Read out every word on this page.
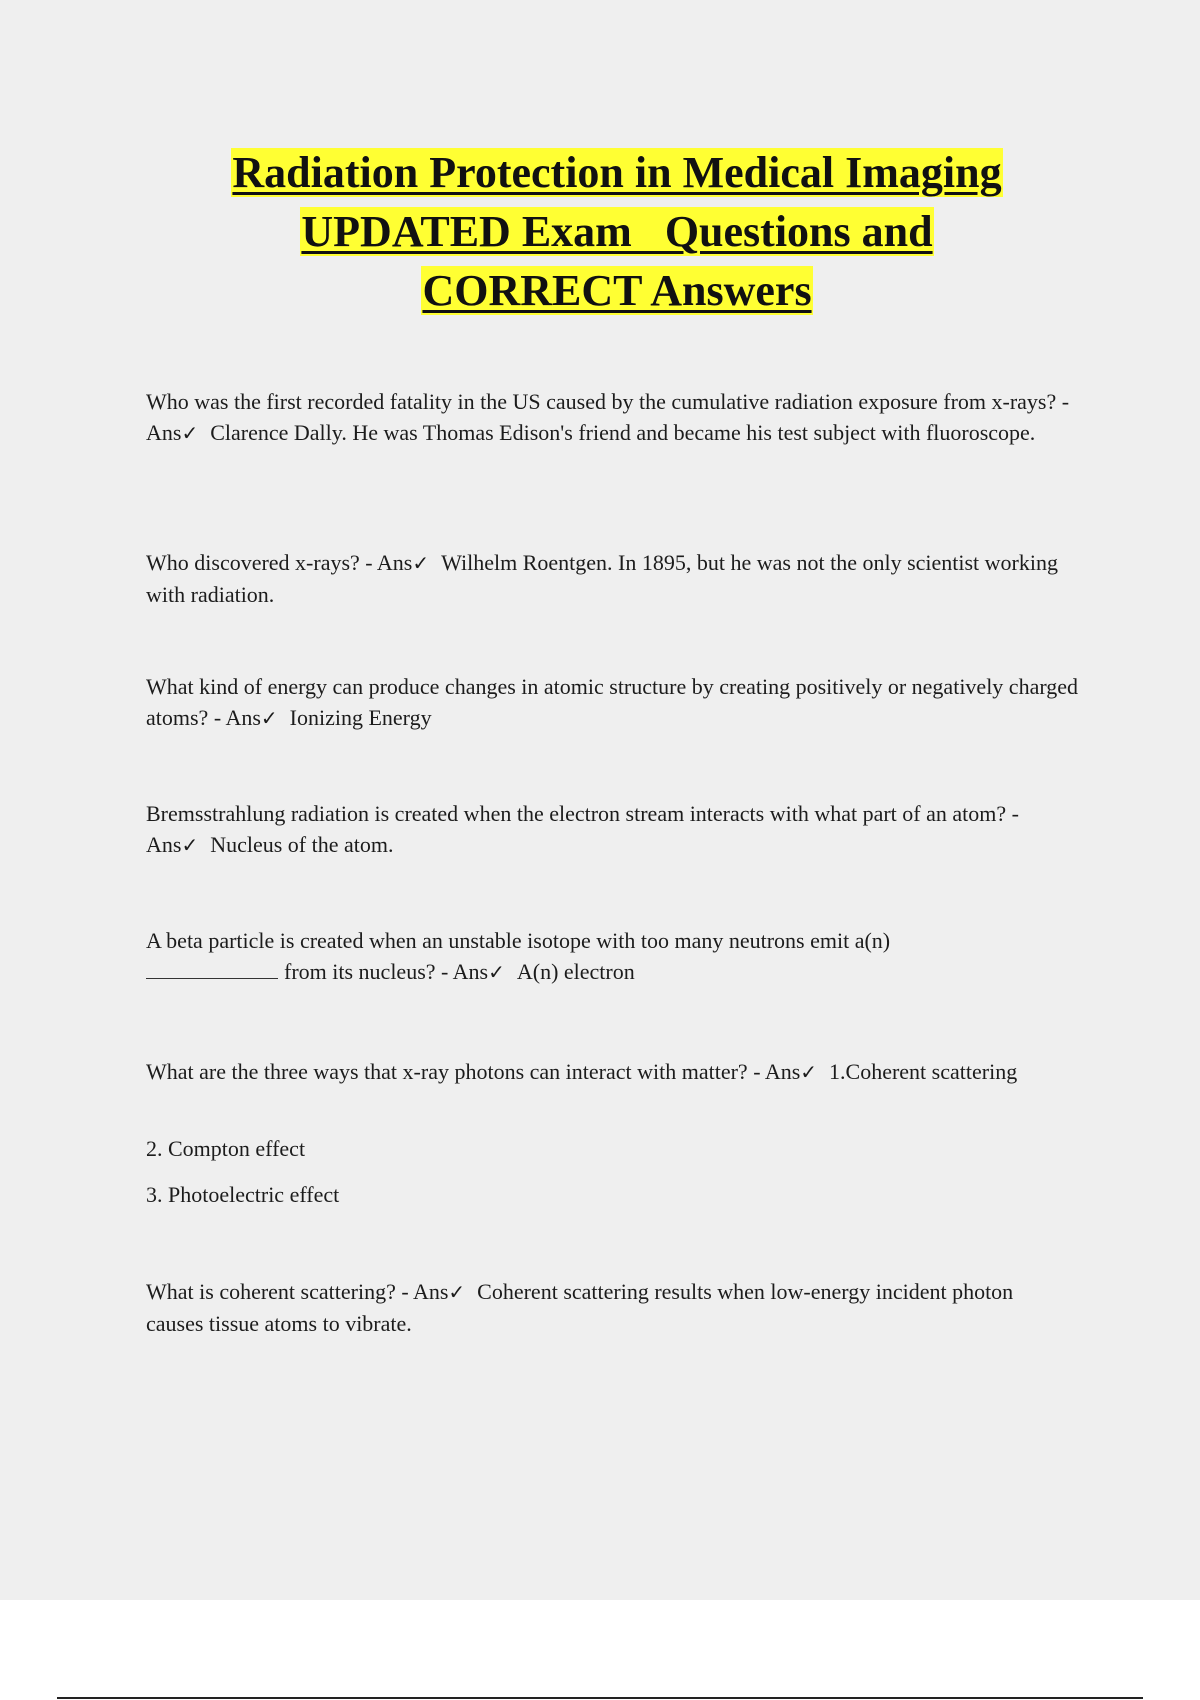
Radiation Protection in Medical Imaging
UPDATED Exam   Questions and
CORRECT Answers

Who was the first recorded fatality in the US caused by the cumulative radiation exposure from x-rays? - Ans✓ Clarence Dally. He was Thomas Edison's friend and became his test subject with fluoroscope.

Who discovered x-rays? - Ans✓ Wilhelm Roentgen. In 1895, but he was not the only scientist working with radiation.

What kind of energy can produce changes in atomic structure by creating positively or negatively charged atoms? - Ans✓ Ionizing Energy

Bremsstrahlung radiation is created when the electron stream interacts with what part of an atom? - Ans✓ Nucleus of the atom.

A beta particle is created when an unstable isotope with too many neutrons emit a(n)
from its nucleus? - Ans✓ A(n) electron

What are the three ways that x-ray photons can interact with matter? - Ans✓ 1.Coherent scattering

2. Compton effect

3. Photoelectric effect

What is coherent scattering? - Ans✓ Coherent scattering results when low-energy incident photon causes tissue atoms to vibrate.
